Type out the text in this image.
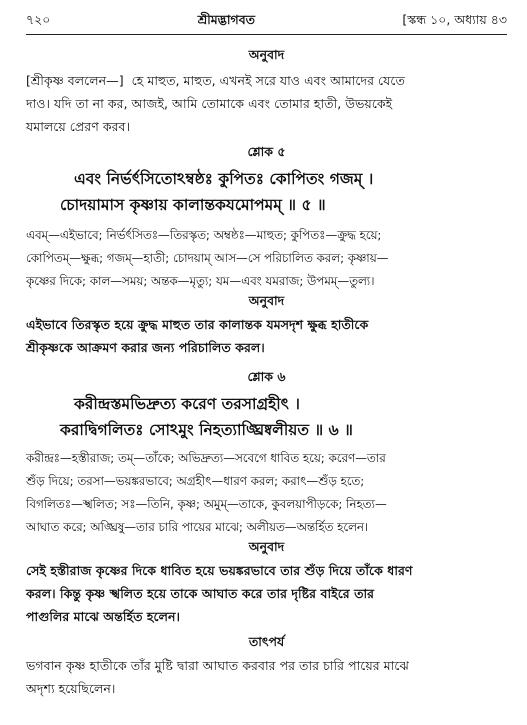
৭২০	শ্রীমদ্ভাগবত	[স্কন্ধ ১০, অধ্যায় ৪৩

অনুবাদ

[শ্রীকৃষ্ণ বললেন—] হে মাহুত, মাহুত, এখনই সরে যাও এবং আমাদের যেতে
দাও। যদি তা না কর, আজই, আমি তোমাকে এবং তোমার হাতী, উভয়কেই
যমালয়ে প্রেরণ করব।

শ্লোক ৫

এবং নির্ভর্ৎসিতোঽম্বষ্ঠঃ কুপিতঃ কোপিতং গজম্ ।
চোদয়ামাস কৃষ্ণায় কালান্তকযমোপমম্ ॥ ৫ ॥

এবম্—এইভাবে; নির্ভর্ৎসিতঃ—তিরস্কৃত; অম্বষ্ঠঃ—মাহুত; কুপিতঃ—ক্রুদ্ধ হয়ে;
কোপিতম্—ক্ষুব্ধ; গজম্—হাতী; চোদয়াম্ আস—সে পরিচালিত করল; কৃষ্ণায়—
কৃষ্ণের দিকে; কাল—সময়; অন্তক—মৃত্যু; যম—এবং যমরাজ; উপমম্—তুল্য।

অনুবাদ

এইভাবে তিরস্কৃত হয়ে ক্রুদ্ধ মাহুত তার কালান্তক যমসদৃশ ক্ষুব্ধ হাতীকে
শ্রীকৃষ্ণকে আক্রমণ করার জন্য পরিচালিত করল।

শ্লোক ৬

করীন্দ্রস্তমভিদ্রুত্য করেণ তরসাগ্রহীৎ ।
করাদ্বিগলিতঃ সোঽমুং নিহত্যাঙ্ঘ্রিষ্বলীয়ত ॥ ৬ ॥

করীন্দ্রঃ—হস্তীরাজ; তম্—তাঁকে; অভিদ্রুত্য—সবেগে ধাবিত হয়ে; করেণ—তার
শুঁড় দিয়ে; তরসা—ভয়ঙ্করভাবে; অগ্রহীৎ—ধারণ করল; করাৎ—শুঁড় হতে;
বিগলিতঃ—স্খলিত; সঃ—তিনি, কৃষ্ণ; অমুম্—তাকে, কুবলয়াপীড়কে; নিহত্য—
আঘাত করে; অঙ্ঘ্রিষু—তার চারি পায়ের মাঝে; অলীয়ত—অন্তর্হিত হলেন।

অনুবাদ

সেই হস্তীরাজ কৃষ্ণের দিকে ধাবিত হয়ে ভয়ঙ্করভাবে তার শুঁড় দিয়ে তাঁকে ধারণ
করল। কিন্তু কৃষ্ণ স্খলিত হয়ে তাকে আঘাত করে তার দৃষ্টির বাইরে তার
পাগুলির মাঝে অন্তর্হিত হলেন।

তাৎপর্য

ভগবান কৃষ্ণ হাতীকে তাঁর মুষ্টি দ্বারা আঘাত করবার পর তার চারি পায়ের মাঝে
অদৃশ্য হয়েছিলেন।
